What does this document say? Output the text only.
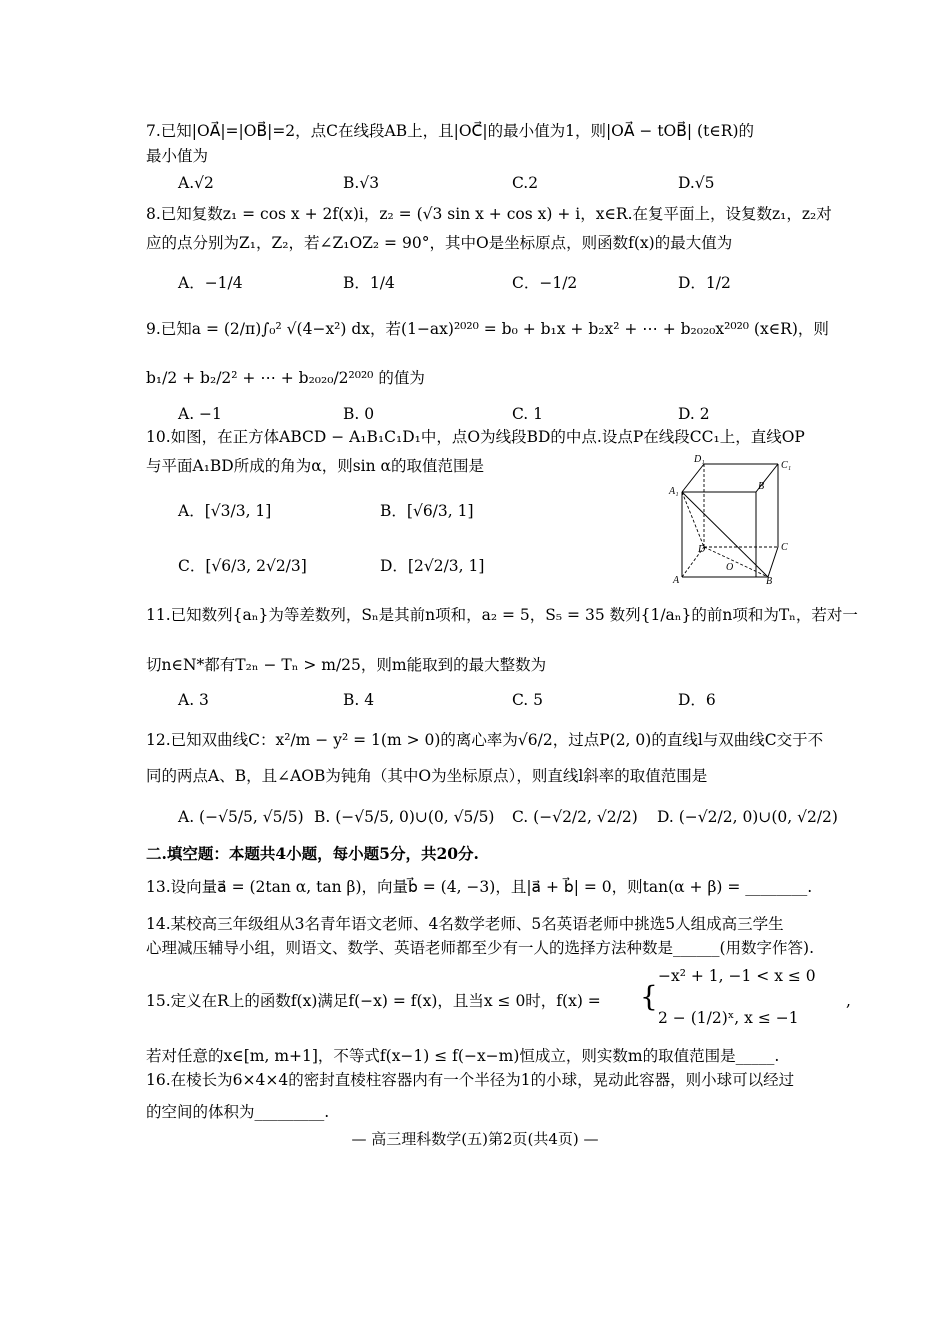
7.已知|OA⃗|=|OB⃗|=2，点C在线段AB上，且|OC⃗|的最小值为1，则|OA⃗ − tOB⃗| (t∈R)的
最小值为
A.√2	B.√3	C.2	D.√5
8.已知复数z₁ = cos x + 2f(x)i，z₂ = (√3 sin x + cos x) + i，x∈R.在复平面上，设复数z₁，z₂对
应的点分别为Z₁，Z₂，若∠Z₁OZ₂ = 90°，其中O是坐标原点，则函数f(x)的最大值为
A．−1/4	B．1/4	C．−1/2	D．1/2
9.已知a = (2/π)∫₀² √(4−x²) dx，若(1−ax)²⁰²⁰ = b₀ + b₁x + b₂x² + ⋯ + b₂₀₂₀x²⁰²⁰ (x∈R)，则
b₁/2 + b₂/2² + ⋯ + b₂₀₂₀/2²⁰²⁰ 的值为
A. −1	B. 0	C. 1	D. 2
10.如图，在正方体ABCD − A₁B₁C₁D₁中，点O为线段BD的中点.设点P在线段CC₁上，直线OP
与平面A₁BD所成的角为α，则sin α的取值范围是
A．[√3/3, 1]	B．[√6/3, 1]
C．[√6/3, 2√2/3]	D．[2√2/3, 1]
D₁
C₁
A₁	B
D	C
A
O
B
11.已知数列{aₙ}为等差数列，Sₙ是其前n项和，a₂ = 5，S₅ = 35 数列{1/aₙ}的前n项和为Tₙ，若对一
切n∈N*都有T₂ₙ − Tₙ > m/25，则m能取到的最大整数为
A. 3	B. 4	C. 5	D．6
12.已知双曲线C：x²/m − y² = 1(m > 0)的离心率为√6/2，过点P(2, 0)的直线l与双曲线C交于不
同的两点A、B，且∠AOB为钝角（其中O为坐标原点），则直线l斜率的取值范围是
A. (−√5/5, √5/5) B. (−√5/5, 0)∪(0, √5/5) C. (−√2/2, √2/2) D. (−√2/2, 0)∪(0, √2/2)
二.填空题：本题共4小题，每小题5分，共20分.
13.设向量a⃗ = (2tan α, tan β)，向量b⃗ = (4, −3)，且|a⃗ + b⃗| = 0，则tan(α + β) = ________.
14.某校高三年级组从3名青年语文老师、4名数学老师、5名英语老师中挑选5人组成高三学生
心理减压辅导小组，则语文、数学、英语老师都至少有一人的选择方法种数是______(用数字作答).
15.定义在R上的函数f(x)满足f(−x) = f(x)，且当x ≤ 0时，f(x) = {
−x² + 1, −1 < x ≤ 0
2 − (1/2)ˣ, x ≤ −1
,
若对任意的x∈[m, m+1]，不等式f(x−1) ≤ f(−x−m)恒成立，则实数m的取值范围是_____.
16.在棱长为6×4×4的密封直棱柱容器内有一个半径为1的小球，晃动此容器，则小球可以经过
的空间的体积为_________.
— 高三理科数学(五)第2页(共4页) —
